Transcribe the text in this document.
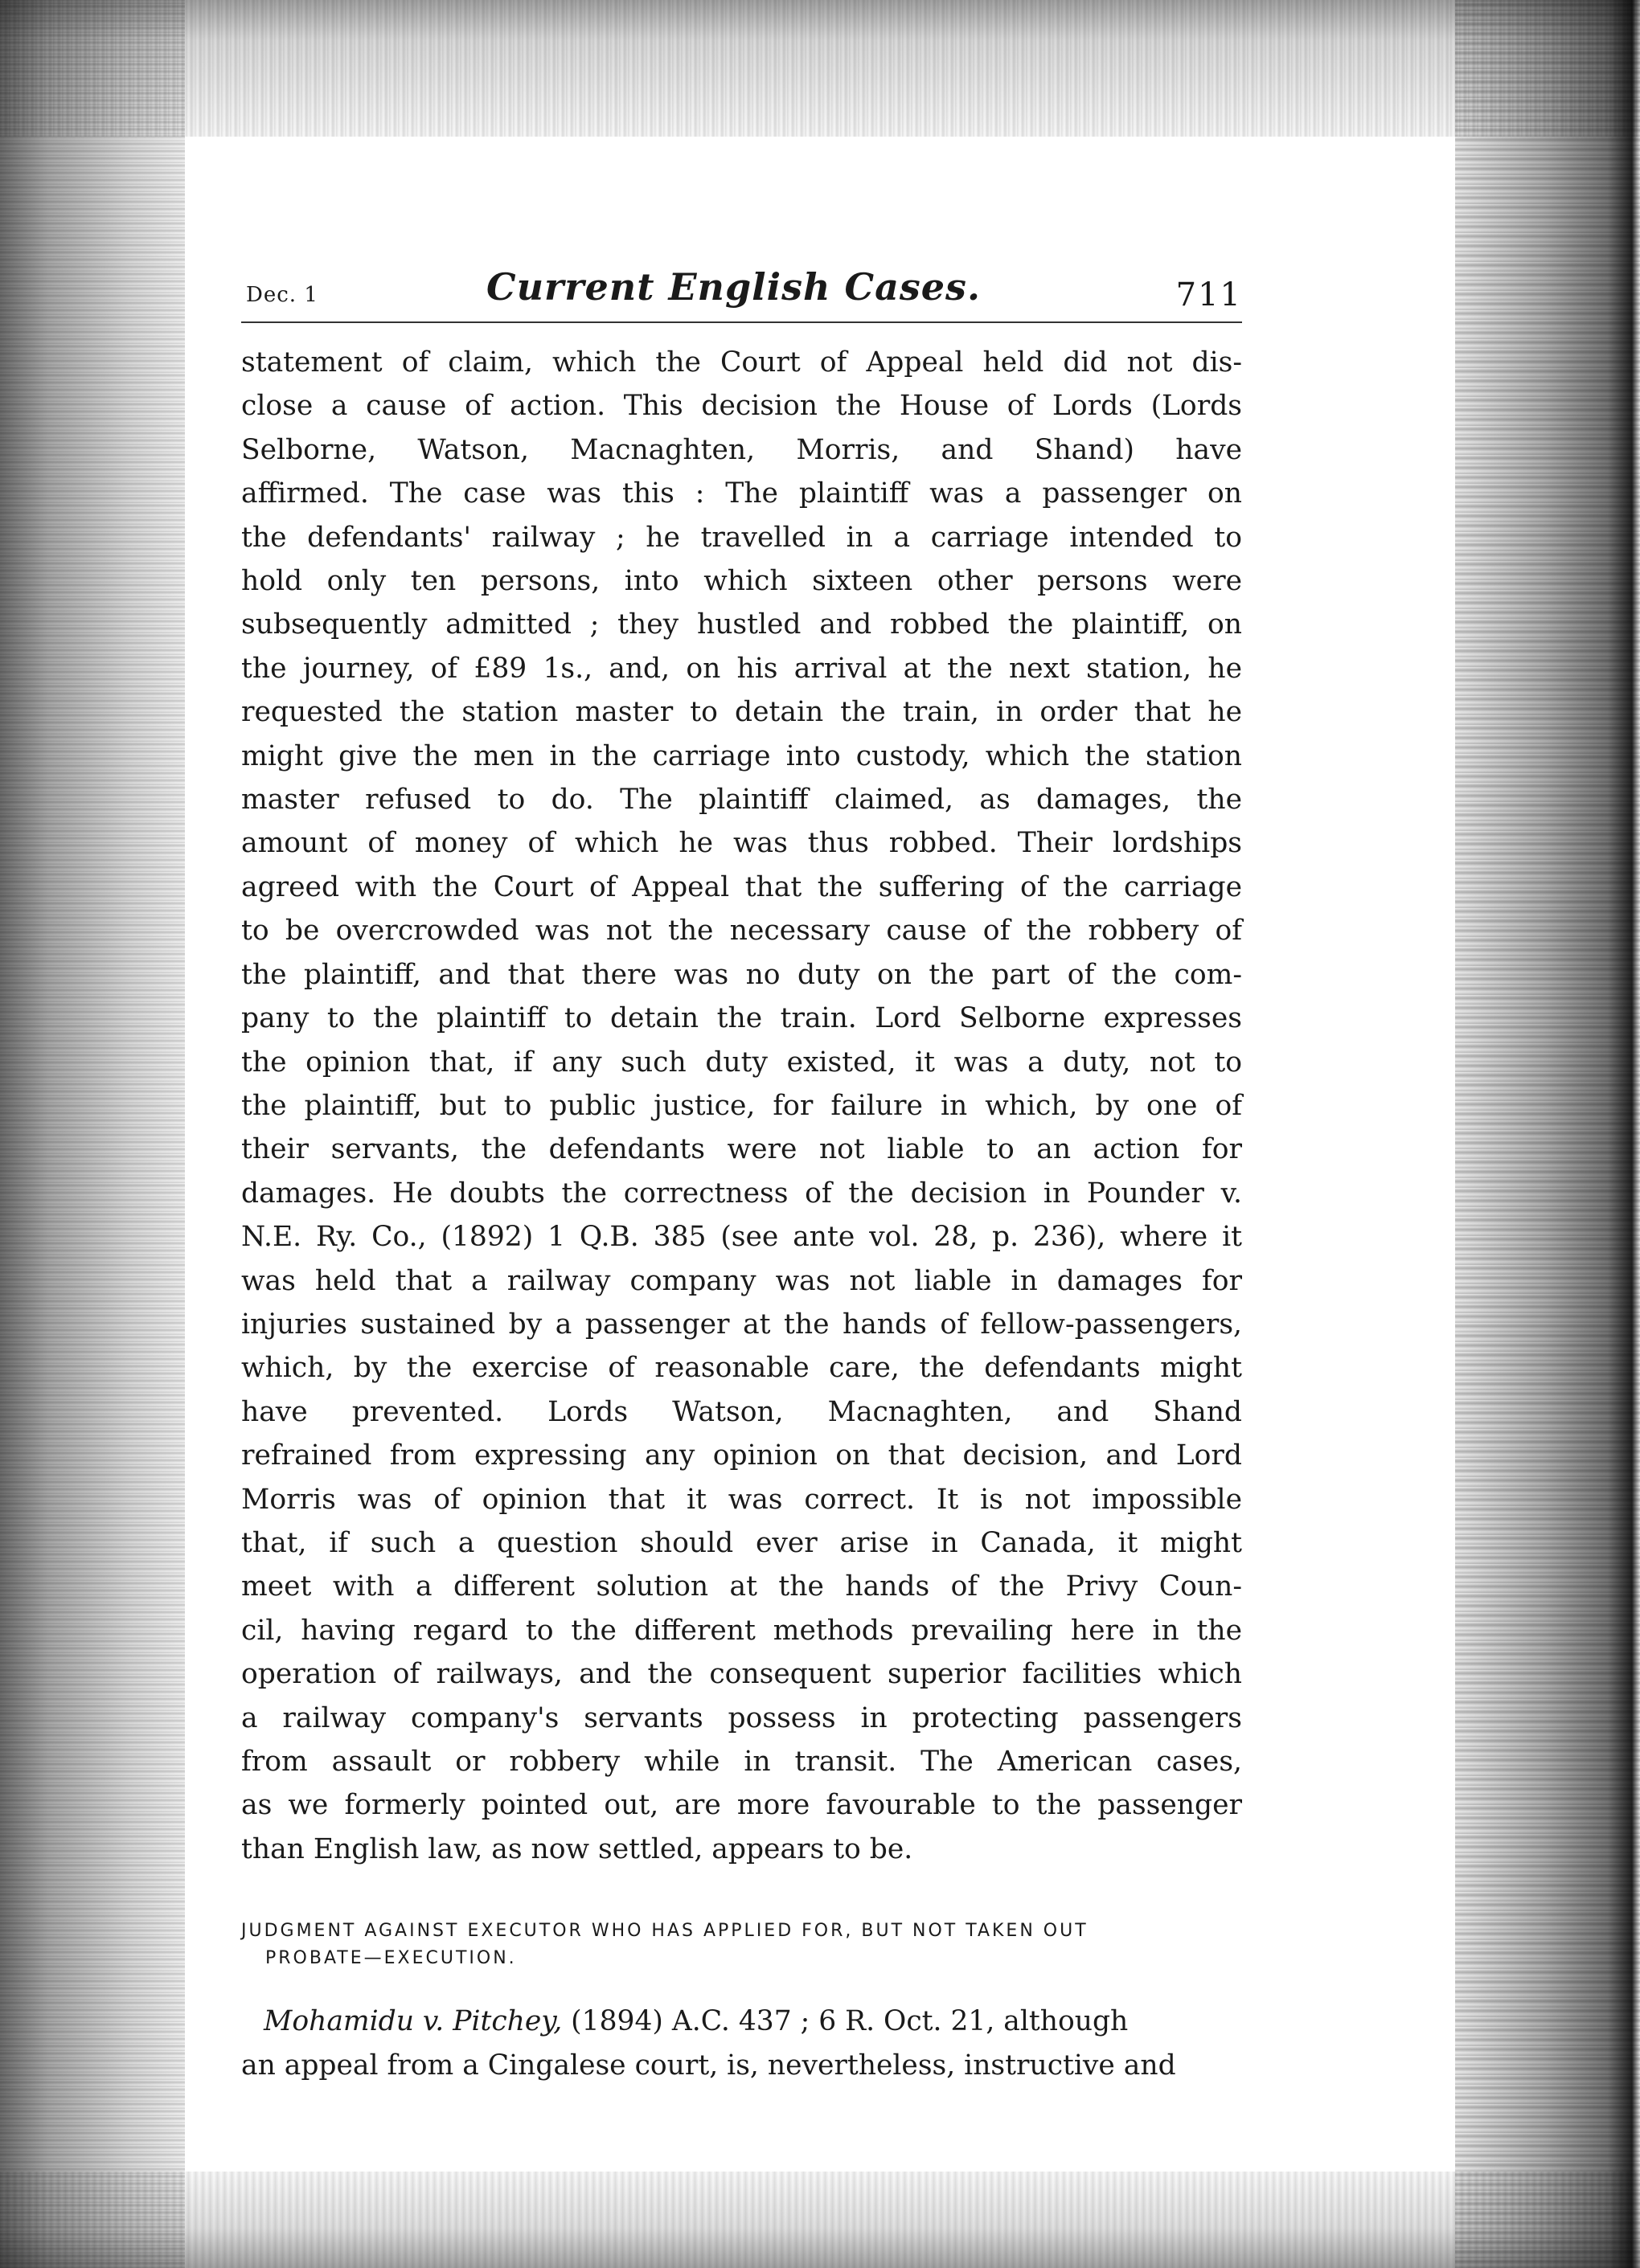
Dec. 1	Current English Cases.	711
statement of claim, which the Court of Appeal held did not dis-
close a cause of action. This decision the House of Lords (Lords
Selborne, Watson, Macnaghten, Morris, and Shand) have
affirmed. The case was this : The plaintiff was a passenger on
the defendants' railway ; he travelled in a carriage intended to
hold only ten persons, into which sixteen other persons were
subsequently admitted ; they hustled and robbed the plaintiff, on
the journey, of £89 1s., and, on his arrival at the next station, he
requested the station master to detain the train, in order that he
might give the men in the carriage into custody, which the station
master refused to do. The plaintiff claimed, as damages, the
amount of money of which he was thus robbed. Their lordships
agreed with the Court of Appeal that the suffering of the carriage
to be overcrowded was not the necessary cause of the robbery of
the plaintiff, and that there was no duty on the part of the com-
pany to the plaintiff to detain the train. Lord Selborne expresses
the opinion that, if any such duty existed, it was a duty, not to
the plaintiff, but to public justice, for failure in which, by one of
their servants, the defendants were not liable to an action for
damages. He doubts the correctness of the decision in Pounder v.
N.E. Ry. Co., (1892) 1 Q.B. 385 (see ante vol. 28, p. 236), where it
was held that a railway company was not liable in damages for
injuries sustained by a passenger at the hands of fellow-passengers,
which, by the exercise of reasonable care, the defendants might
have prevented. Lords Watson, Macnaghten, and Shand
refrained from expressing any opinion on that decision, and Lord
Morris was of opinion that it was correct. It is not impossible
that, if such a question should ever arise in Canada, it might
meet with a different solution at the hands of the Privy Coun-
cil, having regard to the different methods prevailing here in the
operation of railways, and the consequent superior facilities which
a railway company's servants possess in protecting passengers
from assault or robbery while in transit. The American cases,
as we formerly pointed out, are more favourable to the passenger
than English law, as now settled, appears to be.
JUDGMENT AGAINST EXECUTOR WHO HAS APPLIED FOR, BUT NOT TAKEN OUT
PROBATE—EXECUTION.
Mohamidu v. Pitchey, (1894) A.C. 437 ; 6 R. Oct. 21, although
an appeal from a Cingalese court, is, nevertheless, instructive and
